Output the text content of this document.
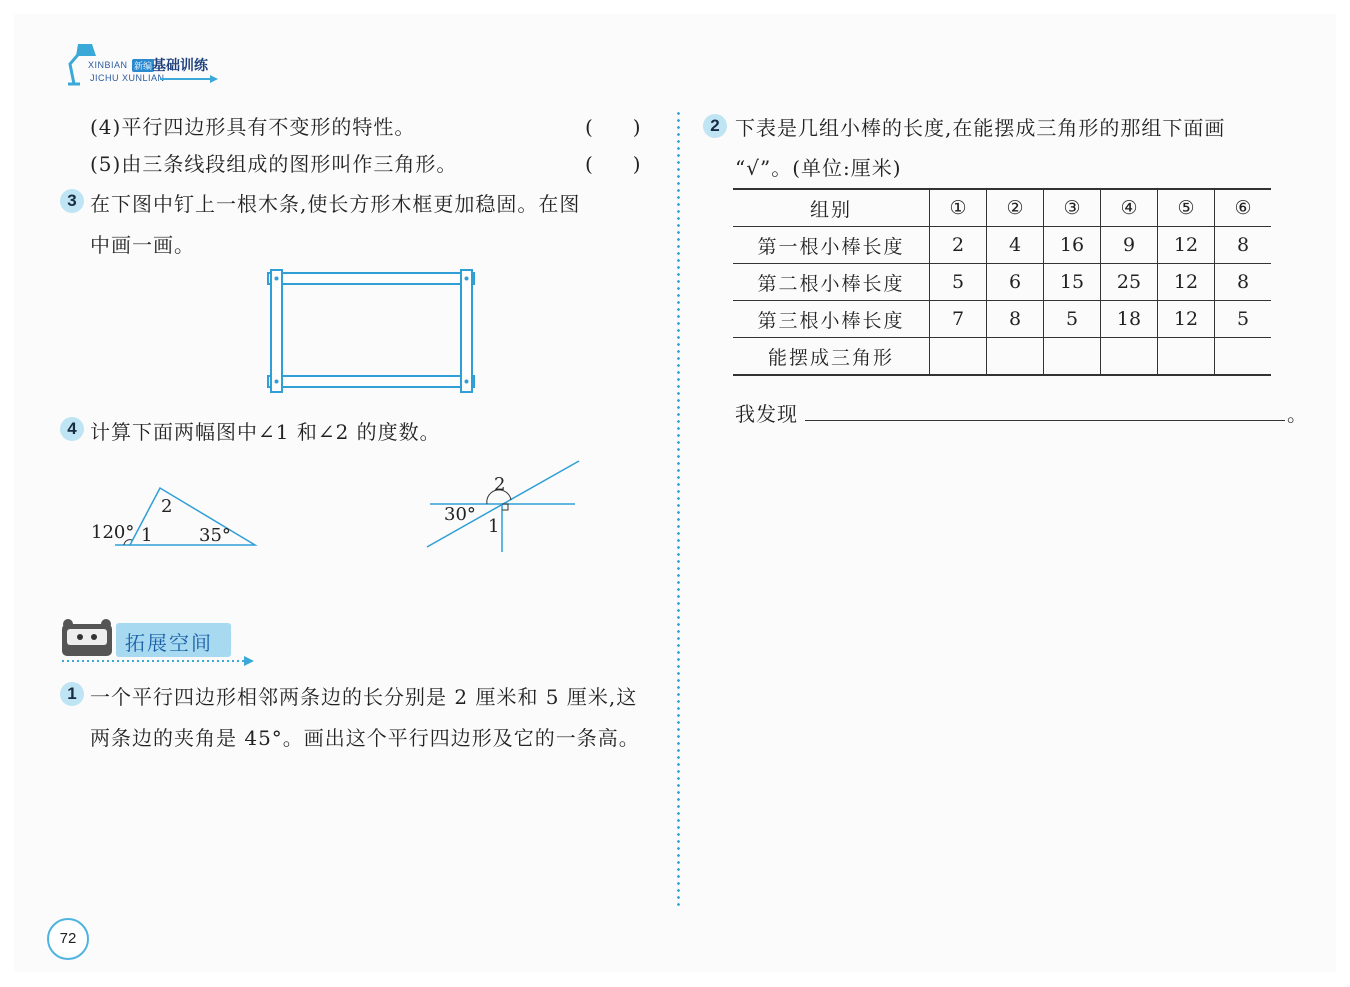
XINBIAN 新编 基础训练
JICHU XUNLIAN
(4)平行四边形具有不变形的特性。	(　　)
(5)由三条线段组成的图形叫作三角形。	(　　)
3 在下图中钉上一根木条,使长方形木框更加稳固。在图
中画一画。
4 计算下面两幅图中∠1 和∠2 的度数。
120° 1
2
35°
2
30°
1
拓展空间
1 一个平行四边形相邻两条边的长分别是 2 厘米和 5 厘米,这
两条边的夹角是 45°。画出这个平行四边形及它的一条高。
2 下表是几组小棒的长度,在能摆成三角形的那组下面画
“√”。(单位:厘米)
组别	①	②	③	④	⑤	⑥
第一根小棒长度	2	4	16	9	12	8
第二根小棒长度	5	6	15	25	12	8
第三根小棒长度	7	8	5	18	12	5
能摆成三角形						
我发现	。
72
